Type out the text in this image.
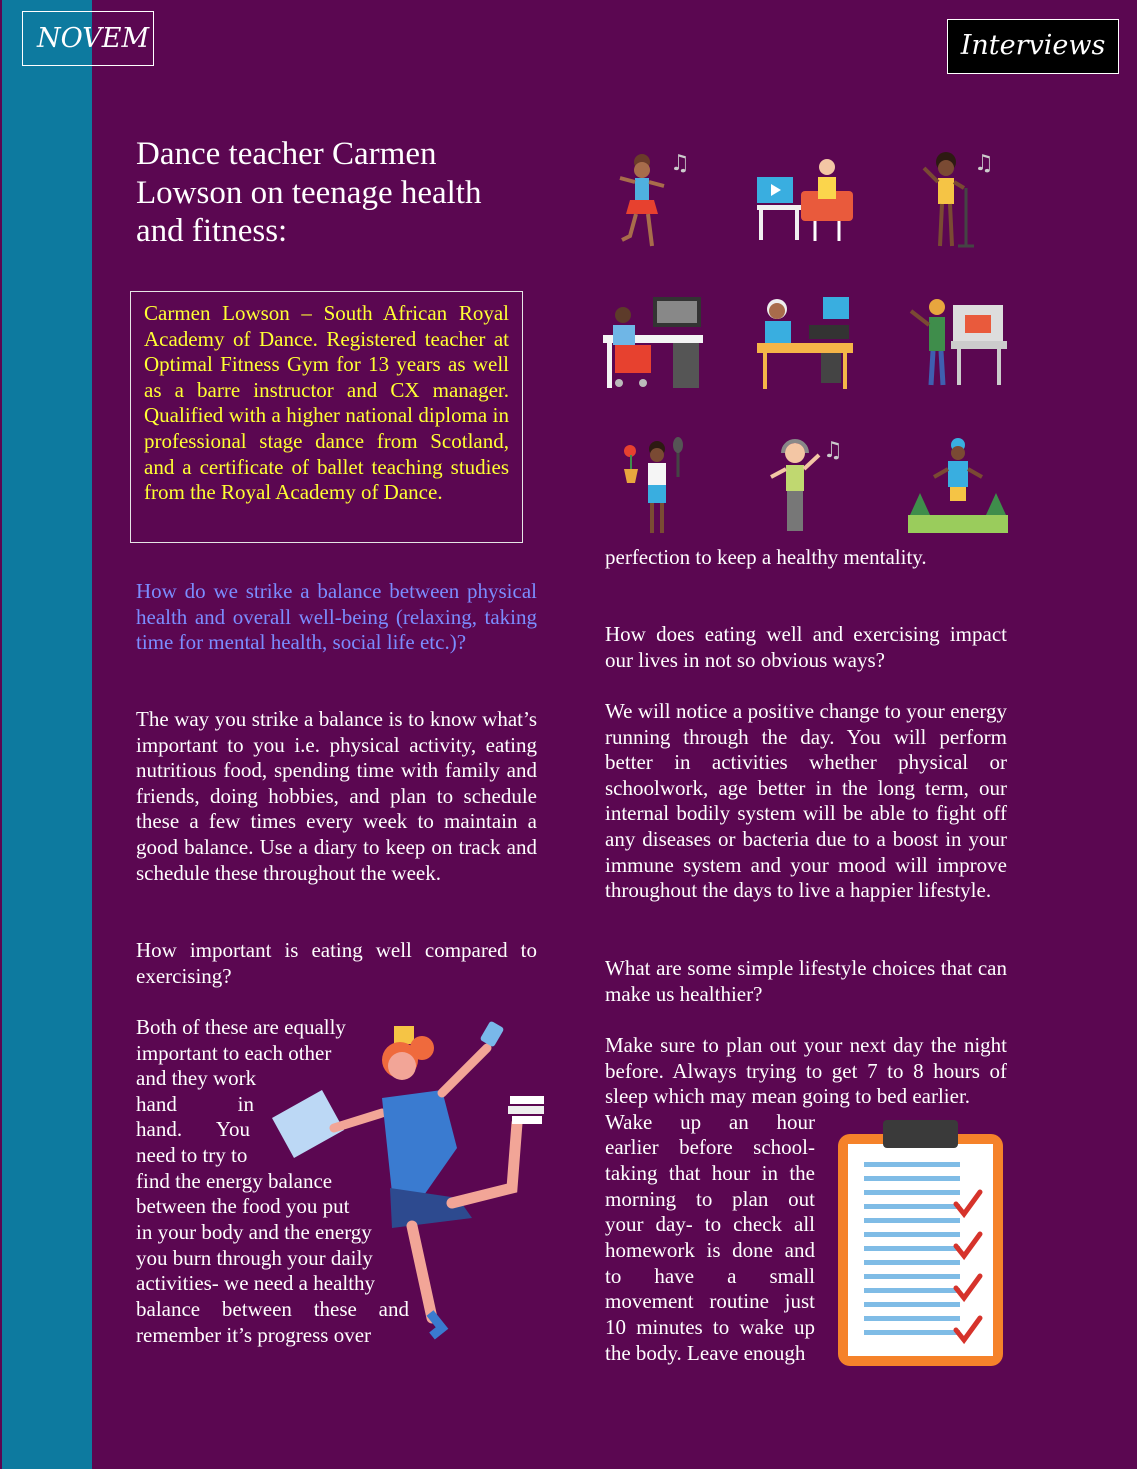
NOVEM	Interviews
Dance teacher Carmen Lowson on teenage health and fitness:

Carmen Lowson – South African Royal Academy of Dance. Registered teacher at Optimal Fitness Gym for 13 years as well as a barre instructor and CX manager. Qualified with a higher national diploma in professional stage dance from Scotland, and a certificate of ballet teaching studies from the Royal Academy of Dance.

How do we strike a balance between physical health and overall well-being (relaxing, taking time for mental health, social life etc.)?

The way you strike a balance is to know what’s important to you i.e. physical activity, eating nutritious food, spending time with family and friends, doing hobbies, and plan to schedule these a few times every week to maintain a good balance. Use a diary to keep on track and schedule these throughout the week.

How important is eating well compared to exercising?

Both of these are equally

important to each other

and they work

hand in

hand. You

need to try to

find the energy balance

between the food you put

in your body and the energy

you burn through your daily

activities- we need a healthy

balance between these and

remember it’s progress over

perfection to keep a healthy mentality.

How does eating well and exercising impact our lives in not so obvious ways?

We will notice a positive change to your energy running through the day. You will perform better in activities whether physical or schoolwork, age better in the long term, our internal bodily system will be able to fight off any diseases or bacteria due to a boost in your immune system and your mood will improve throughout the days to live a happier lifestyle.

What are some simple lifestyle choices that can make us healthier?

Make sure to plan out your next day the night before. Always trying to get 7 to 8 hours of sleep which may mean going to bed earlier.

Wake up an hour

earlier before school-

taking that hour in the

morning to plan out

your day- to check all

homework is done and

to have a small

movement routine just

10 minutes to wake up

the body. Leave enough

♫	♫
♫
